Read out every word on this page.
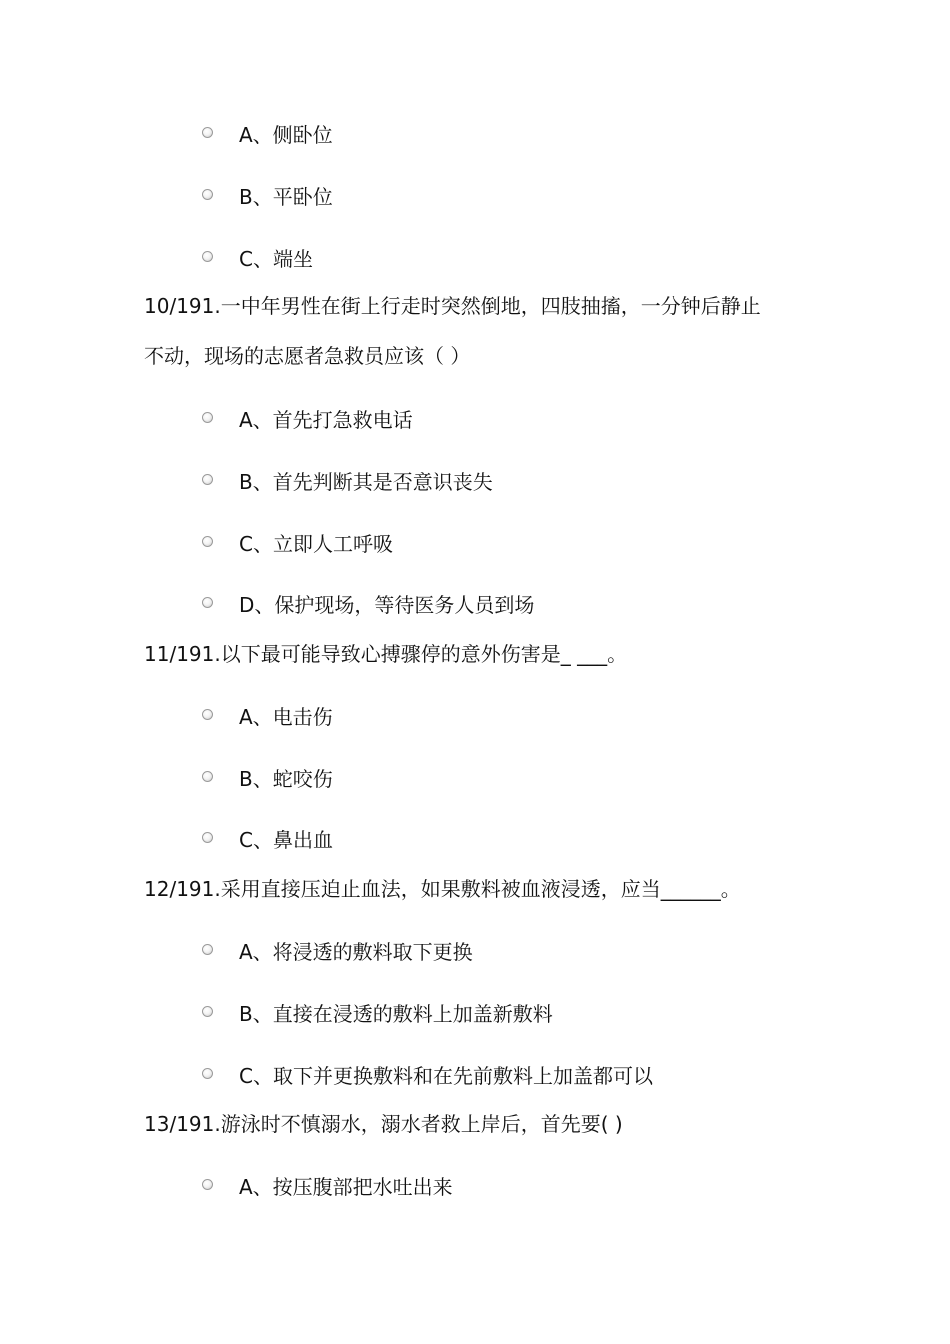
A、侧卧位
B、平卧位
C、端坐
10/191.一中年男性在街上行走时突然倒地，四肢抽搐，一分钟后静止
不动，现场的志愿者急救员应该（ ）
A、首先打急救电话
B、首先判断其是否意识丧失
C、立即人工呼吸
D、保护现场，等待医务人员到场
11/191.以下最可能导致心搏骤停的意外伤害是_ ___。
A、电击伤
B、蛇咬伤
C、鼻出血
12/191.采用直接压迫止血法，如果敷料被血液浸透，应当______。
A、将浸透的敷料取下更换
B、直接在浸透的敷料上加盖新敷料
C、取下并更换敷料和在先前敷料上加盖都可以
13/191.游泳时不慎溺水，溺水者救上岸后，首先要( )
A、按压腹部把水吐出来
